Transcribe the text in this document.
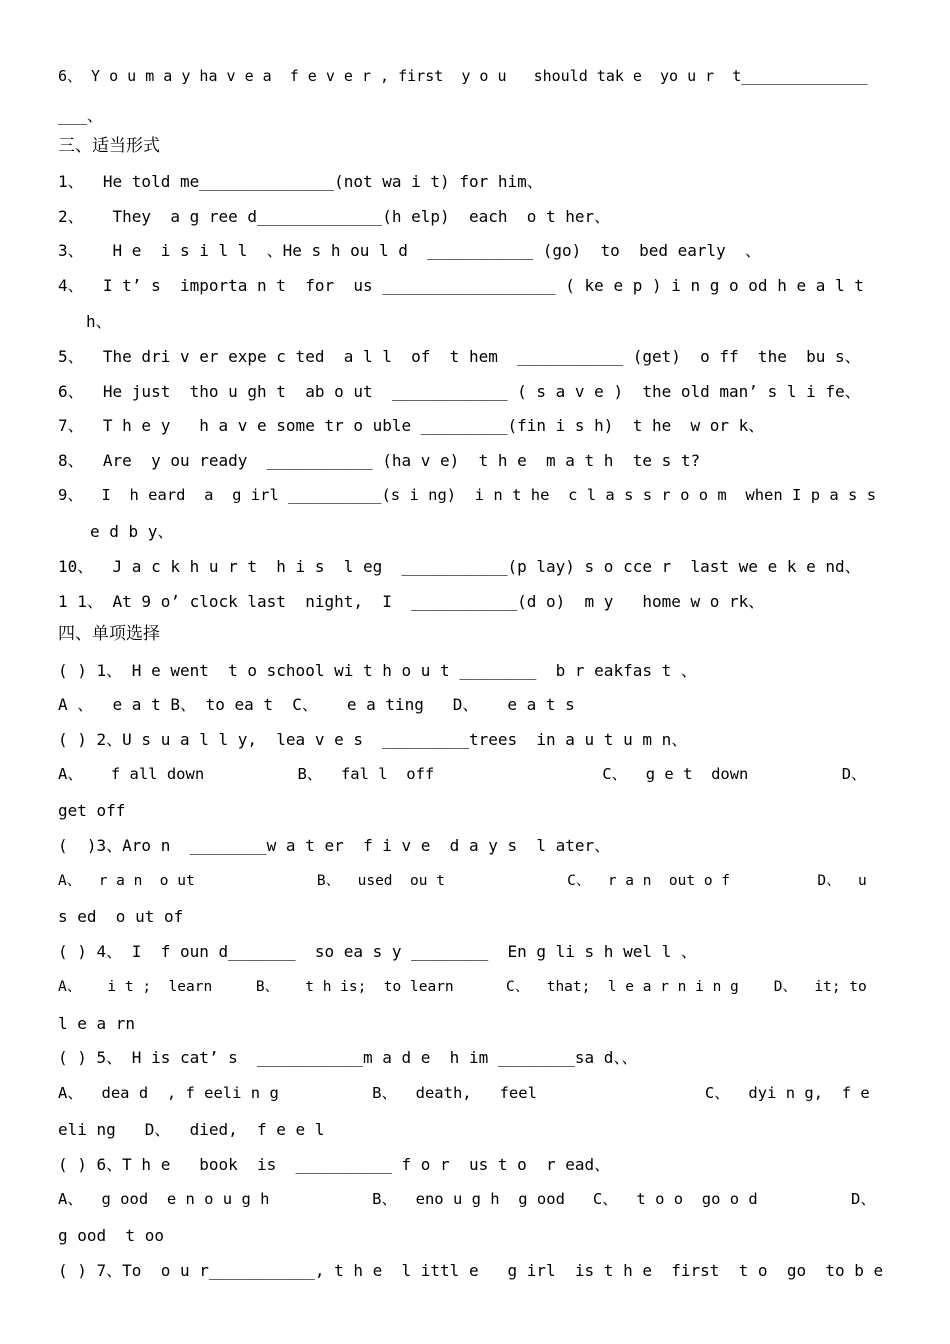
6、 Y o u m a y ha v e a  f e v e r , first  y o u   should tak e  yo u r  t______________
___、
三、适当形式
1、  He told me______________(not wa i t) for him、
2、   They  a g ree d_____________(h elp)  each  o t her、
3、   H e  i s i l l  、He s h ou l d  ___________ (go)  to  bed early  、
4、  I t’ s  importa n t  for  us __________________ ( ke e p ) i n g o od h e a l t
h、
5、  The dri v er expe c ted  a l l  of  t hem  ___________ (get)  o ff  the  bu s、
6、  He just  tho u gh t  ab o ut  ____________ ( s a v e )  the old man’ s l i fe、
7、  T h e y   h a v e some tr o uble _________(fin i s h)  t he  w or k、
8、  Are  y ou ready  ___________ (ha v e)  t h e  m a t h  te s t?
9、  I  h eard  a  g irl __________(s i ng)  i n t he  c l a s s r o o m  when I p a s s
e d b y、
10、  J a c k h u r t  h i s  l eg  ___________(p lay) s o cce r  last we e k e nd、
1 1、 At 9 o’ clock last  night,  I  ___________(d o)  m y   home w o rk、
四、单项选择
( ) 1、 H e went  t o school wi t h o u t ________  b r eakfas t 、
A 、  e a t B、 to ea t  C、   e a ting   D、   e a t s
( ) 2、U s u a l l y,  lea v e s  _________trees  in a u t u m n、
A、   f all down          B、  fal l  off                  C、  g e t  down          D、
get off
(  )3、Aro n  ________w a t er  f i v e  d a y s  l ater、
A、  r a n  o ut              B、  used  ou t              C、  r a n  out o f          D、  u
s ed  o ut of
( ) 4、 I  f oun d_______  so ea s y ________  En g li s h wel l 、
A、   i t ;  learn     B、   t h is;  to learn      C、  that;  l e a r n i n g    D、  it; to
l e a rn
( ) 5、 H is cat’ s  ___________m a d e  h im ________sa d、、
A、  dea d  , f eeli n g          B、  death,   feel                  C、  dyi n g,  f e
eli ng   D、  died,  f e e l
( ) 6、T h e   book  is  __________ f o r  us t o  r ead、
A、  g ood  e n o u g h           B、  eno u g h  g ood   C、  t o o  go o d          D、
g ood  t oo
( ) 7、To  o u r___________, t h e  l ittl e   g irl  is t h e  first  t o  go  to b e
